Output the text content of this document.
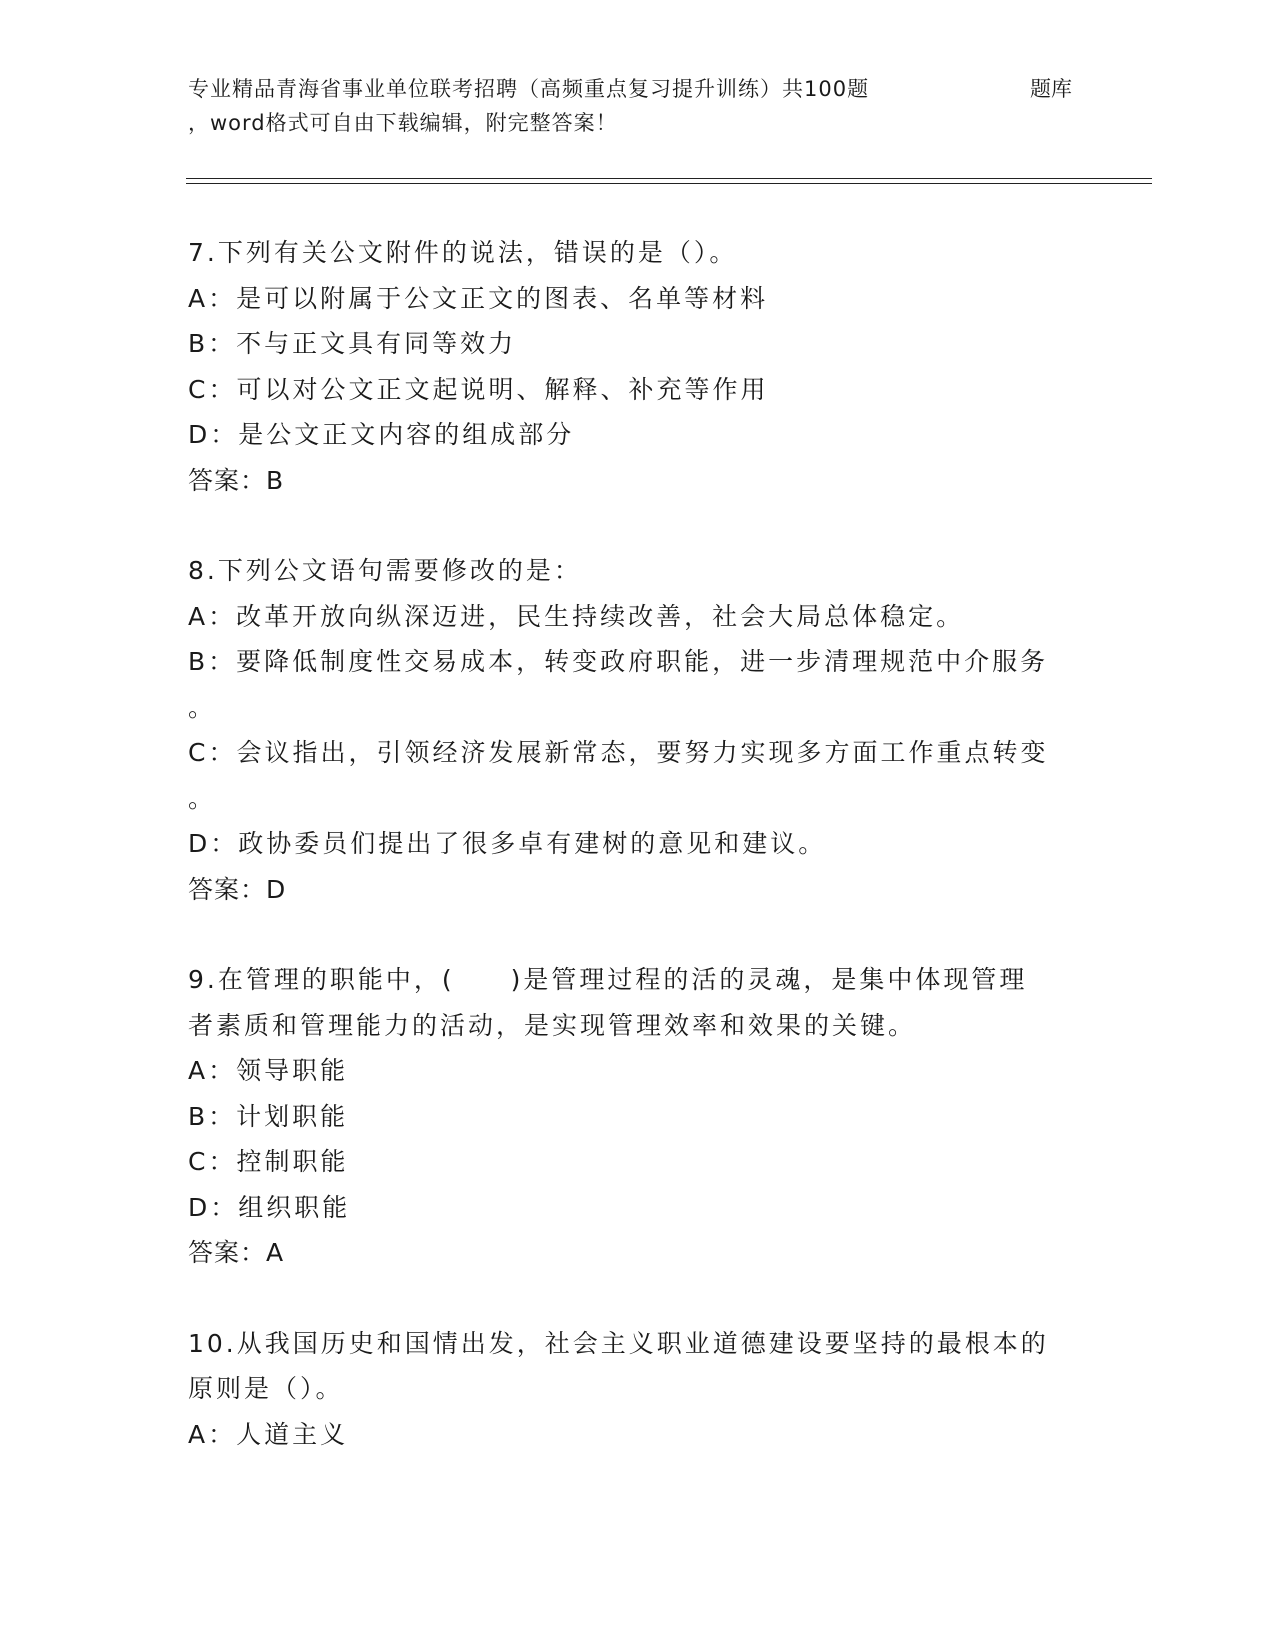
专业精品青海省事业单位联考招聘（高频重点复习提升训练）共100题	题库
，word格式可自由下载编辑，附完整答案！
7.下列有关公文附件的说法，错误的是（）。
A：是可以附属于公文正文的图表、名单等材料
B：不与正文具有同等效力
C：可以对公文正文起说明、解释、补充等作用
D：是公文正文内容的组成部分
答案：B
8.下列公文语句需要修改的是：
A：改革开放向纵深迈进，民生持续改善，社会大局总体稳定。
B：要降低制度性交易成本，转变政府职能，进一步清理规范中介服务
。
C：会议指出，引领经济发展新常态，要努力实现多方面工作重点转变
。
D：政协委员们提出了很多卓有建树的意见和建议。
答案：D
9.在管理的职能中，(　　)是管理过程的活的灵魂，是集中体现管理
者素质和管理能力的活动，是实现管理效率和效果的关键。
A：领导职能
B：计划职能
C：控制职能
D：组织职能
答案：A
10.从我国历史和国情出发，社会主义职业道德建设要坚持的最根本的
原则是（）。
A：人道主义
